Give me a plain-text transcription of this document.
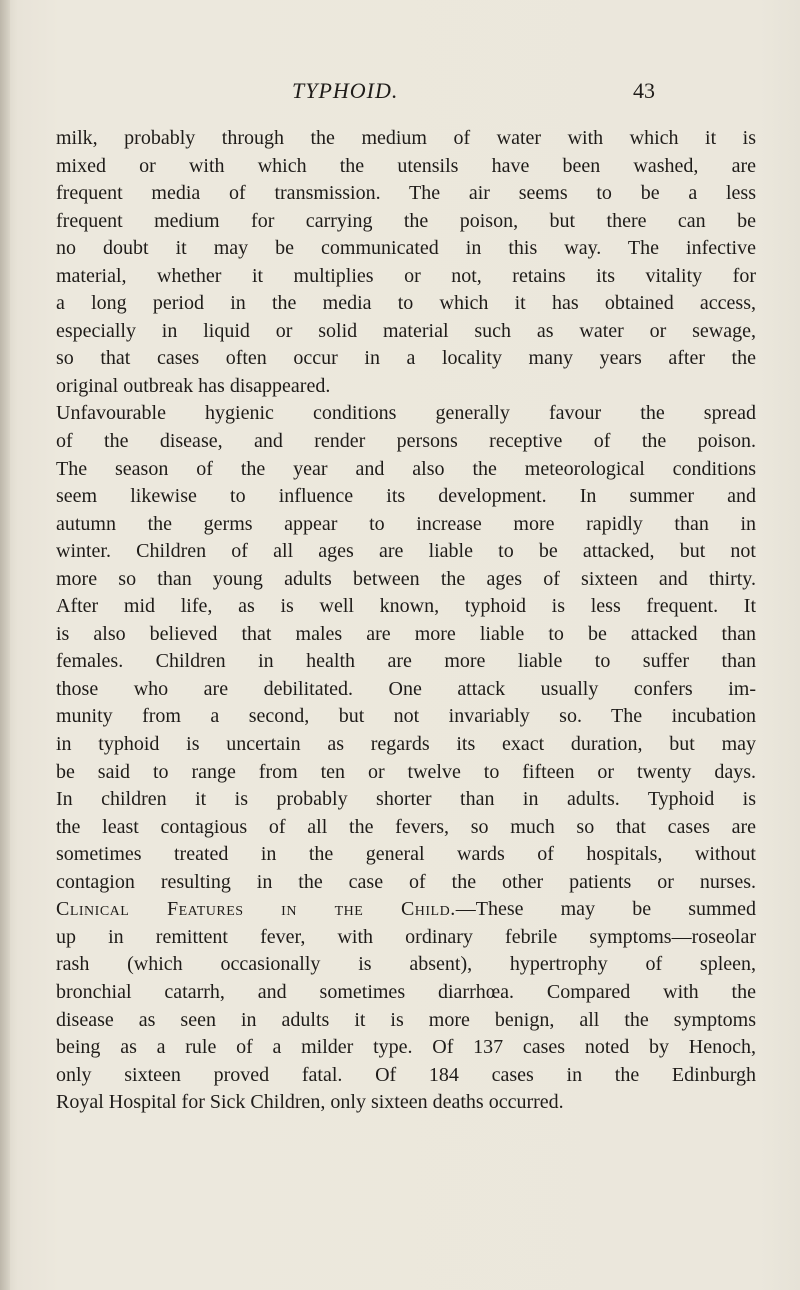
TYPHOID.	43
milk, probably through the medium of water with which it is
mixed or with which the utensils have been washed, are
frequent media of transmission. The air seems to be a less
frequent medium for carrying the poison, but there can be
no doubt it may be communicated in this way. The infective
material, whether it multiplies or not, retains its vitality for
a long period in the media to which it has obtained access,
especially in liquid or solid material such as water or sewage,
so that cases often occur in a locality many years after the
original outbreak has disappeared.
Unfavourable hygienic conditions generally favour the spread
of the disease, and render persons receptive of the poison.
The season of the year and also the meteorological conditions
seem likewise to influence its development. In summer and
autumn the germs appear to increase more rapidly than in
winter. Children of all ages are liable to be attacked, but not
more so than young adults between the ages of sixteen and thirty.
After mid life, as is well known, typhoid is less frequent. It
is also believed that males are more liable to be attacked than
females. Children in health are more liable to suffer than
those who are debilitated. One attack usually confers im-
munity from a second, but not invariably so. The incubation
in typhoid is uncertain as regards its exact duration, but may
be said to range from ten or twelve to fifteen or twenty days.
In children it is probably shorter than in adults. Typhoid is
the least contagious of all the fevers, so much so that cases are
sometimes treated in the general wards of hospitals, without
contagion resulting in the case of the other patients or nurses.
Clinical Features in the Child.—These may be summed
up in remittent fever, with ordinary febrile symptoms—roseolar
rash (which occasionally is absent), hypertrophy of spleen,
bronchial catarrh, and sometimes diarrhœa. Compared with the
disease as seen in adults it is more benign, all the symptoms
being as a rule of a milder type. Of 137 cases noted by Henoch,
only sixteen proved fatal. Of 184 cases in the Edinburgh
Royal Hospital for Sick Children, only sixteen deaths occurred.
